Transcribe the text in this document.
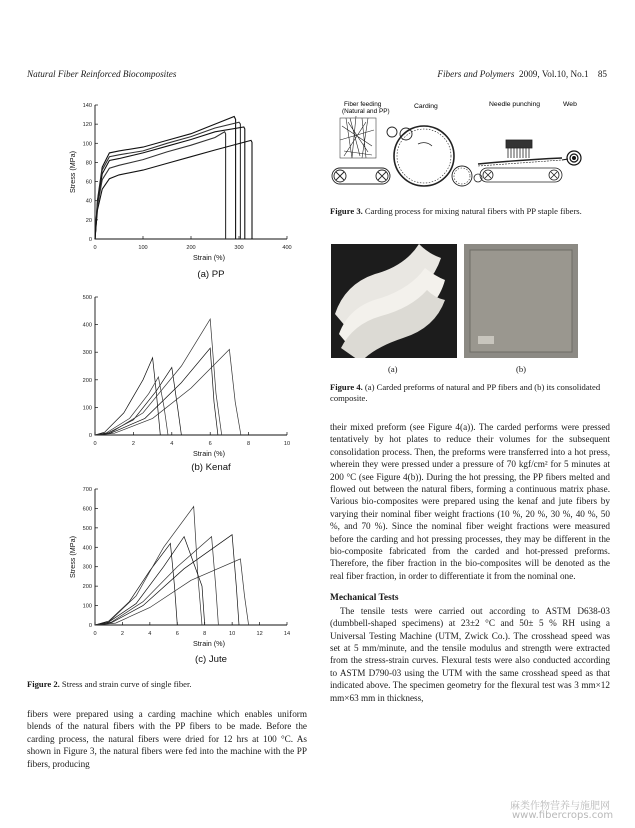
Natural Fiber Reinforced Biocomposites	Fibers and Polymers 2009, Vol.10, No.1 85
0	100	200	300	400
0
20
40
60
80
100
120
140
Strain (%)
Stress (MPa)
(a) PP
0	2	4	6	8	10
0
100
200
300
400
500
Strain (%)
(b) Kenaf
0	2	4	6	8	10	12	14
0
100
200
300
400
500
600
700
Strain (%)
Stress (MPa)
(c) Jute
Figure 2. Stress and strain curve of single fiber.

fibers were prepared using a carding machine which enables uniform blends of the natural fibers with the PP fibers to be made. Before the carding process, the natural fibers were dried for 12 hrs at 100 °C. As shown in Figure 3, the natural fibers were fed into the machine with the PP fibers, producing

Fiber feeding
(Natural and PP)
Carding	Needle punching	Web
Figure 3. Carding process for mixing natural fibers with PP staple fibers.
(a)	(b)
Figure 4. (a) Carded preforms of natural and PP fibers and (b) its consolidated composite.

their mixed preform (see Figure 4(a)). The carded performs were pressed tentatively by hot plates to reduce their volumes for the subsequent consolidation process. Then, the preforms were transferred into a hot press, wherein they were pressed under a pressure of 70 kgf/cm² for 5 minutes at 200 °C (see Figure 4(b)). During the hot pressing, the PP fibers melted and flowed out between the natural fibers, forming a continuous matrix phase. Various bio-composites were prepared using the kenaf and jute fibers by varying their nominal fiber weight fractions (10 %, 20 %, 30 %, 40 %, 50 %, and 70 %). Since the nominal fiber weight fractions were measured before the carding and hot pressing processes, they may be different in the bio-composite fabricated from the carded and hot-pressed preforms. Therefore, the fiber fraction in the bio-composites will be denoted as the real fiber fraction, in order to differentiate it from the nominal one.

Mechanical Tests

The tensile tests were carried out according to ASTM D638-03 (dumbbell-shaped specimens) at 23±2 °C and 50± 5 % RH using a Universal Testing Machine (UTM, Zwick Co.). The crosshead speed was set at 5 mm/minute, and the tensile modulus and strength were extracted from the stress-strain curves. Flexural tests were also conducted according to ASTM D790-03 using the UTM with the same crosshead speed as that indicated above. The specimen geometry for the flexural test was 3 mm×12 mm×63 mm in thickness,

麻类作物营养与施肥网
www.fibercrops.com
